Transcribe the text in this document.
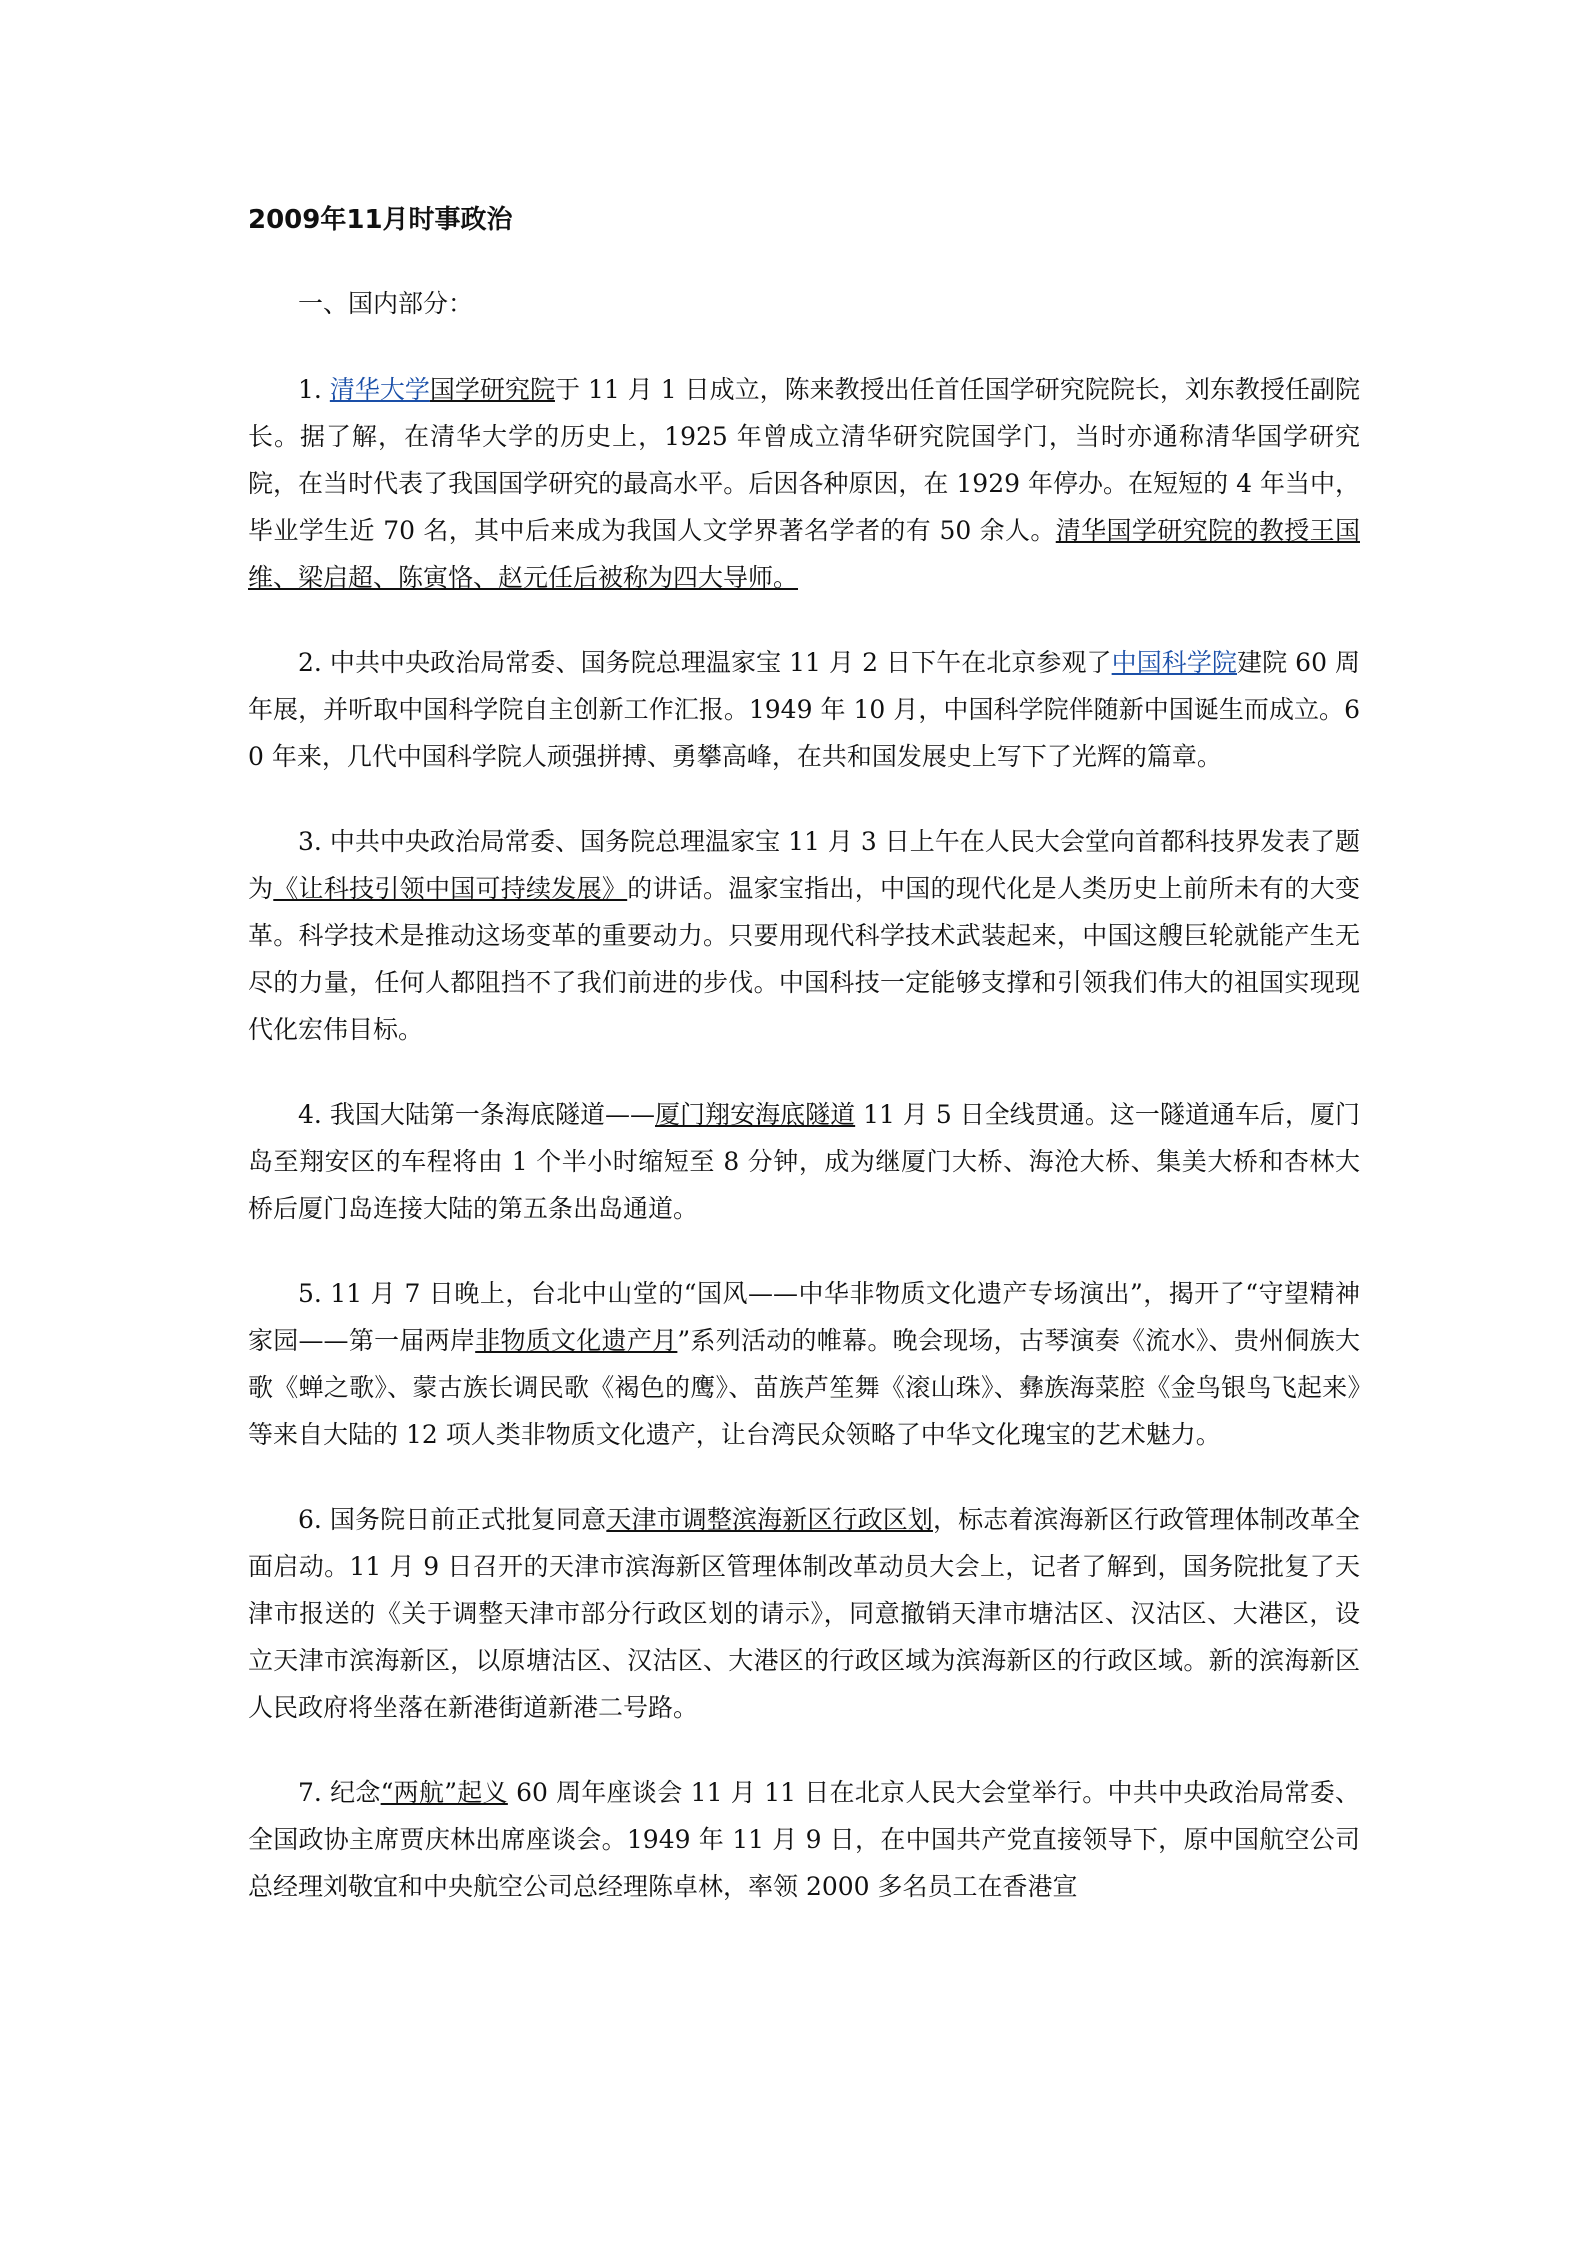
2009年11月时事政治
一、国内部分：

1. 清华大学国学研究院于 11 月 1 日成立，陈来教授出任首任国学研究院院长，刘东教授任副院长。据了解，在清华大学的历史上，1925 年曾成立清华研究院国学门，当时亦通称清华国学研究院，在当时代表了我国国学研究的最高水平。后因各种原因，在 1929 年停办。在短短的 4 年当中，毕业学生近 70 名，其中后来成为我国人文学界著名学者的有 50 余人。清华国学研究院的教授王国维、梁启超、陈寅恪、赵元任后被称为四大导师。

2. 中共中央政治局常委、国务院总理温家宝 11 月 2 日下午在北京参观了中国科学院建院 60 周年展，并听取中国科学院自主创新工作汇报。1949 年 10 月，中国科学院伴随新中国诞生而成立。60 年来，几代中国科学院人顽强拼搏、勇攀高峰，在共和国发展史上写下了光辉的篇章。

3. 中共中央政治局常委、国务院总理温家宝 11 月 3 日上午在人民大会堂向首都科技界发表了题为《让科技引领中国可持续发展》的讲话。温家宝指出，中国的现代化是人类历史上前所未有的大变革。科学技术是推动这场变革的重要动力。只要用现代科学技术武装起来，中国这艘巨轮就能产生无尽的力量，任何人都阻挡不了我们前进的步伐。中国科技一定能够支撑和引领我们伟大的祖国实现现代化宏伟目标。

4. 我国大陆第一条海底隧道——厦门翔安海底隧道 11 月 5 日全线贯通。这一隧道通车后，厦门岛至翔安区的车程将由 1 个半小时缩短至 8 分钟，成为继厦门大桥、海沧大桥、集美大桥和杏林大桥后厦门岛连接大陆的第五条出岛通道。

5. 11 月 7 日晚上，台北中山堂的“国风——中华非物质文化遗产专场演出”，揭开了“守望精神家园——第一届两岸非物质文化遗产月”系列活动的帷幕。晚会现场，古琴演奏《流水》、贵州侗族大歌《蝉之歌》、蒙古族长调民歌《褐色的鹰》、苗族芦笙舞《滚山珠》、彝族海菜腔《金鸟银鸟飞起来》等来自大陆的 12 项人类非物质文化遗产，让台湾民众领略了中华文化瑰宝的艺术魅力。

6. 国务院日前正式批复同意天津市调整滨海新区行政区划，标志着滨海新区行政管理体制改革全面启动。11 月 9 日召开的天津市滨海新区管理体制改革动员大会上，记者了解到，国务院批复了天津市报送的《关于调整天津市部分行政区划的请示》，同意撤销天津市塘沽区、汉沽区、大港区，设立天津市滨海新区，以原塘沽区、汉沽区、大港区的行政区域为滨海新区的行政区域。新的滨海新区人民政府将坐落在新港街道新港二号路。

7. 纪念“两航”起义 60 周年座谈会 11 月 11 日在北京人民大会堂举行。中共中央政治局常委、全国政协主席贾庆林出席座谈会。1949 年 11 月 9 日，在中国共产党直接领导下，原中国航空公司总经理刘敬宜和中央航空公司总经理陈卓林，率领 2000 多名员工在香港宣
